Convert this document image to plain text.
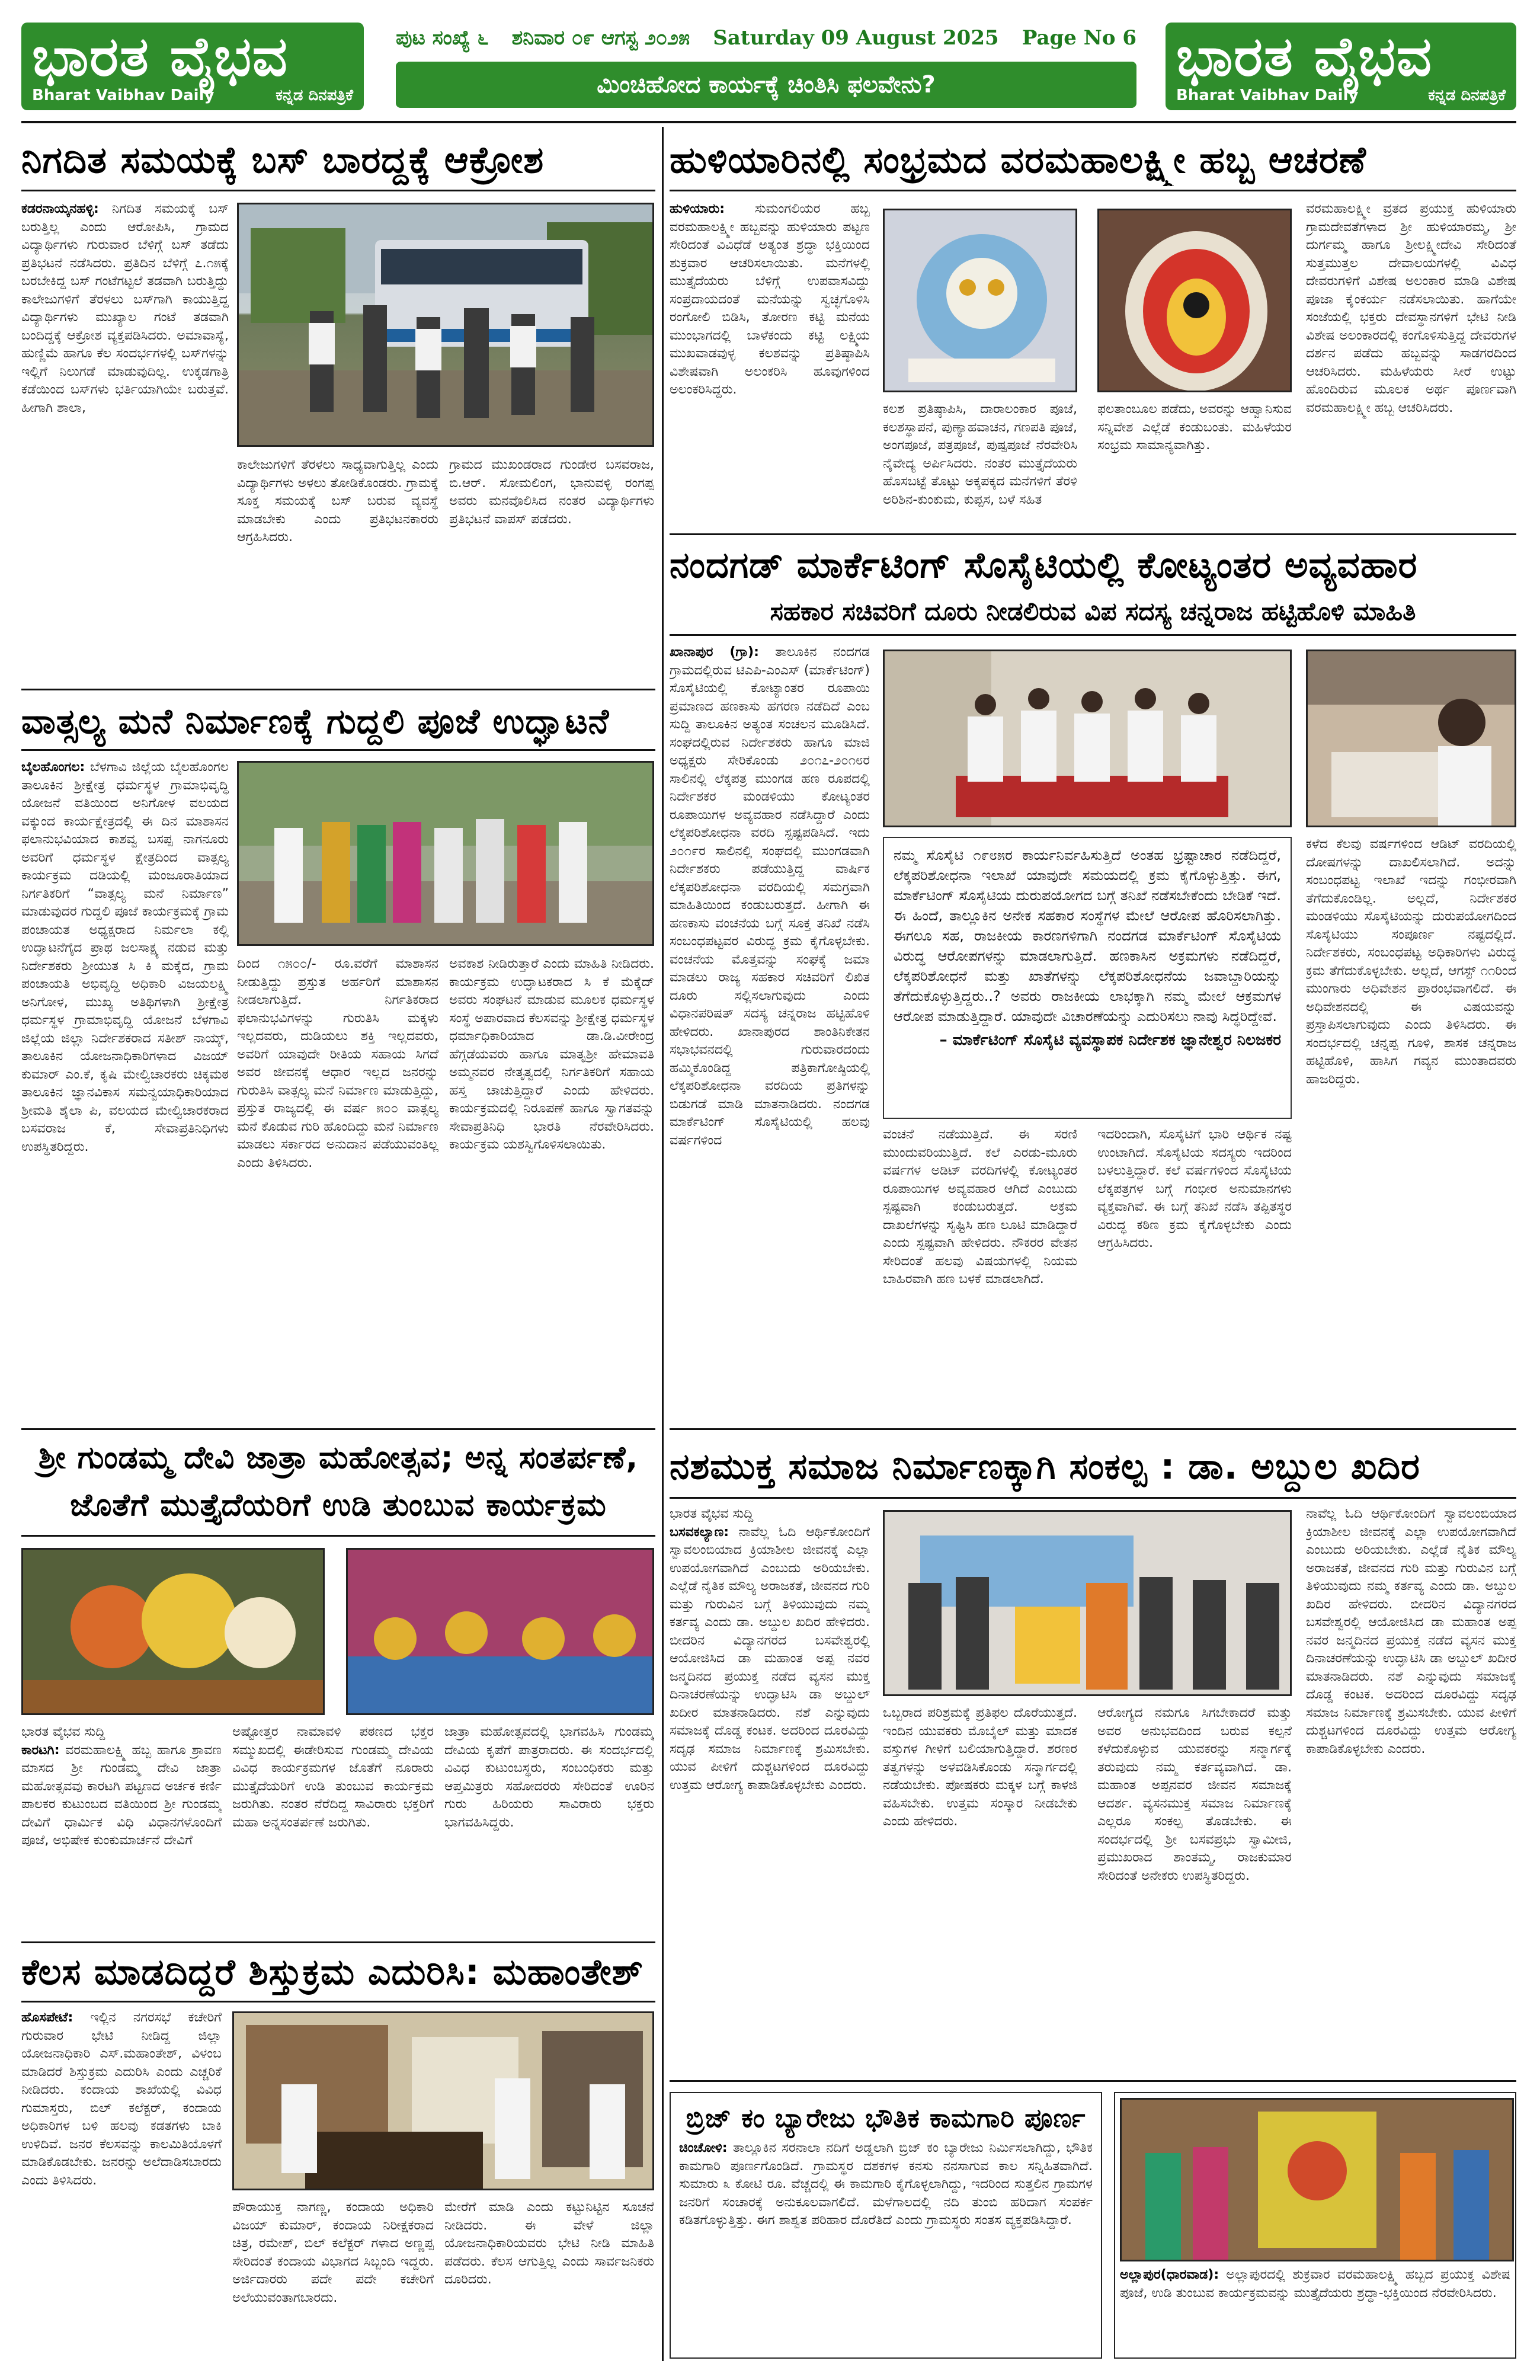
ಭಾರತ ವೈಭವ
Bharat Vaibhav Daily	ಕನ್ನಡ ದಿನಪತ್ರಿಕೆ
ಭಾರತ ವೈಭವ
Bharat Vaibhav Daily	ಕನ್ನಡ ದಿನಪತ್ರಿಕೆ
ಪುಟ ಸಂಖ್ಯೆ ೬ ಶನಿವಾರ ೦೯ ಆಗಸ್ಟ ೨೦೨೫ Saturday 09 August 2025 Page No 6
ಮಿಂಚಿಹೋದ ಕಾರ್ಯಕ್ಕೆ ಚಿಂತಿಸಿ ಫಲವೇನು?
ನಿಗದಿತ ಸಮಯಕ್ಕೆ ಬಸ್ ಬಾರದ್ದಕ್ಕೆ ಆಕ್ರೋಶ
ಕಡರನಾಯ್ಕನಹಳ್ಳಿ: ನಿಗದಿತ ಸಮಯಕ್ಕೆ ಬಸ್ ಬರುತ್ತಿಲ್ಲ ಎಂದು ಆರೋಪಿಸಿ, ಗ್ರಾಮದ ವಿದ್ಯಾರ್ಥಿಗಳು ಗುರುವಾರ ಬೆಳಿಗ್ಗೆ ಬಸ್ ತಡೆದು ಪ್ರತಿಭಟನೆ ನಡೆಸಿದರು. ಪ್ರತಿದಿನ ಬೆಳಿಗ್ಗೆ ೭.೧೫ಕ್ಕೆ ಬರಬೇಕಿದ್ದ ಬಸ್ ಗಂಟೆಗಟ್ಟಲೆ ತಡವಾಗಿ ಬರುತ್ತಿದ್ದು ಕಾಲೇಜುಗಳಿಗೆ ತೆರಳಲು ಬಸ್‌ಗಾಗಿ ಕಾಯುತ್ತಿದ್ದ ವಿದ್ಯಾರ್ಥಿಗಳು ಮುಖ್ಯಾಲ ಗಂಟೆ ತಡವಾಗಿ ಬಂದಿದ್ದಕ್ಕೆ ಆಕ್ರೋಶ ವ್ಯಕ್ತಪಡಿಸಿದರು. ಅಮಾವಾಸ್ಯೆ, ಹುಣ್ಣಿಮೆ ಹಾಗೂ ಕೆಲ ಸಂದರ್ಭಗಳಲ್ಲಿ ಬಸ್‌ಗಳನ್ನು ಇಲ್ಲಿಗೆ ನಿಲುಗಡೆ ಮಾಡುವುದಿಲ್ಲ. ಉಕ್ಕಡಗಾತ್ರಿ ಕಡೆಯಿಂದ ಬಸ್‌ಗಳು ಭರ್ತಿಯಾಗಿಯೇ ಬರುತ್ತವೆ. ಹೀಗಾಗಿ ಶಾಲಾ,
ಕಾಲೇಜುಗಳಿಗೆ ತೆರಳಲು ಸಾಧ್ಯವಾಗುತ್ತಿಲ್ಲ ಎಂದು ವಿದ್ಯಾರ್ಥಿಗಳು ಅಳಲು ತೋಡಿಕೊಂಡರು. ಗ್ರಾಮಕ್ಕೆ ಸೂಕ್ತ ಸಮಯಕ್ಕೆ ಬಸ್ ಬರುವ ವ್ಯವಸ್ಥೆ ಮಾಡಬೇಕು ಎಂದು ಪ್ರತಿಭಟನಕಾರರು ಆಗ್ರಹಿಸಿದರು.
ಗ್ರಾಮದ ಮುಖಂಡರಾದ ಗುಂಡೇರ ಬಸವರಾಜ, ಬಿ.ಆರ್. ಸೋಮಲಿಂಗ, ಭಾನುವಳ್ಳಿ ರಂಗಪ್ಪ ಅವರು ಮನವೊಲಿಸಿದ ನಂತರ ವಿದ್ಯಾರ್ಥಿಗಳು ಪ್ರತಿಭಟನೆ ವಾಪಸ್ ಪಡೆದರು.
ವಾತ್ಸಲ್ಯ ಮನೆ ನಿರ್ಮಾಣಕ್ಕೆ ಗುದ್ದಲಿ ಪೂಜೆ ಉದ್ಘಾಟನೆ
ಬೈಲಹೊಂಗಲ: ಬೆಳಗಾವಿ ಜಿಲ್ಲೆಯ ಬೈಲಹೊಂಗಲ ತಾಲೂಕಿನ ಶ್ರೀಕ್ಷೇತ್ರ ಧರ್ಮಸ್ಥಳ ಗ್ರಾಮಾಭಿವೃದ್ಧಿ ಯೋಜನೆ ವತಿಯಿಂದ ಅನಿಗೋಳ ವಲಯದ ವಕ್ಕುಂದ ಕಾರ್ಯಕ್ಷೇತ್ರದಲ್ಲಿ ಈ ದಿನ ಮಾಶಾಸನ ಫಲಾನುಭವಿಯಾದ ಕಾಶವ್ವ ಬಸಪ್ಪ ನಾಗನೂರು ಅವರಿಗೆ ಧರ್ಮಸ್ಥಳ ಕ್ಷೇತ್ರದಿಂದ ವಾತ್ಸಲ್ಯ ಕಾರ್ಯಕ್ರಮ ದಡಿಯಲ್ಲಿ ಮಂಜೂರಾತಿಯಾದ ನಿರ್ಗತಿಕರಿಗೆ “ವಾತ್ಸಲ್ಯ ಮನೆ ನಿರ್ಮಾಣ” ಮಾಡುವುದರ ಗುದ್ದಲಿ ಪೂಜೆ ಕಾರ್ಯಕ್ರಮಕ್ಕೆ ಗ್ರಾಮ ಪಂಚಾಯತ ಅಧ್ಯಕ್ಷರಾದ ನಿರ್ಮಲಾ ಕಲ್ಲಿ ಉದ್ಘಾಟನೆಗೈದ ಪ್ರಾಥ ಜಲಸಾಕ್ಷ್ಯ ನಡುವ ಮತ್ತು ನಿರ್ದೇಶಕರು ಶ್ರೀಯುತ ಸಿ ಕಿ ಮಕ್ಕೆದ, ಗ್ರಾಮ ಪಂಚಾಯತಿ ಅಭಿವೃದ್ಧಿ ಅಧಿಕಾರಿ ವಿಜಯಲಕ್ಷ್ಮಿ ಅನಿಗೋಳ, ಮುಖ್ಯ ಅತಿಥಿಗಳಾಗಿ ಶ್ರೀಕ್ಷೇತ್ರ ಧರ್ಮಸ್ಥಳ ಗ್ರಾಮಾಭಿವೃದ್ಧಿ ಯೋಜನೆ ಬೆಳಗಾವಿ ಜಿಲ್ಲೆಯ ಜಿಲ್ಲಾ ನಿರ್ದೇಶಕರಾದ ಸತೀಶ್ ನಾಯ್ಕ್, ತಾಲೂಕಿನ ಯೋಜನಾಧಿಕಾರಿಗಳಾದ ವಿಜಯ್ ಕುಮಾರ್ ಎಂ.ಕೆ, ಕೃಷಿ ಮೇಲ್ವಿಚಾರಕರು ಚಿಕ್ಕಮಠ ತಾಲೂಕಿನ ಜ್ಞಾನವಿಕಾಸ ಸಮನ್ವಯಾಧಿಕಾರಿಯಾದ ಶ್ರೀಮತಿ ಶೈಲಾ ಪಿ, ವಲಯದ ಮೇಲ್ವಿಚಾರಕರಾದ ಬಸವರಾಜ ಕೆ, ಸೇವಾಪ್ರತಿನಿಧಿಗಳು ಉಪಸ್ಥಿತರಿದ್ದರು.
ದಿಂದ ೧೫೦೦/- ರೂ.ವರೆಗೆ ಮಾಶಾಸನ ನೀಡುತ್ತಿದ್ದು ಪ್ರಸ್ತುತ ಅರ್ಹರಿಗೆ ಮಾಶಾಸನ ನೀಡಲಾಗುತ್ತಿದೆ. ನಿರ್ಗತಿಕರಾದ ಫಲಾನುಭವಿಗಳನ್ನು ಗುರುತಿಸಿ ಮಕ್ಕಳು ಇಲ್ಲದವರು, ದುಡಿಯಲು ಶಕ್ತಿ ಇಲ್ಲದವರು, ಅವರಿಗೆ ಯಾವುದೇ ರೀತಿಯ ಸಹಾಯ ಸಿಗದೆ ಅವರ ಜೀವನಕ್ಕೆ ಆಧಾರ ಇಲ್ಲದ ಜನರನ್ನು ಗುರುತಿಸಿ ವಾತ್ಸಲ್ಯ ಮನೆ ನಿರ್ಮಾಣ ಮಾಡುತ್ತಿದ್ದು, ಪ್ರಸ್ತುತ ರಾಜ್ಯದಲ್ಲಿ ಈ ವರ್ಷ ೫೦೦ ವಾತ್ಸಲ್ಯ ಮನೆ ಕೊಡುವ ಗುರಿ ಹೊಂದಿದ್ದು ಮನೆ ನಿರ್ಮಾಣ ಮಾಡಲು ಸರ್ಕಾರದ ಅನುದಾನ ಪಡೆಯುವಂತಿಲ್ಲ ಎಂದು ತಿಳಿಸಿದರು.
ಅವಕಾಶ ನೀಡಿರುತ್ತಾರೆ ಎಂದು ಮಾಹಿತಿ ನೀಡಿದರು. ಕಾರ್ಯಕ್ರಮ ಉದ್ಘಾಟಕರಾದ ಸಿ ಕೆ ಮೆಕ್ಕೆದ್ ಅವರು ಸಂಘಟನೆ ಮಾಡುವ ಮೂಲಕ ಧರ್ಮಸ್ಥಳ ಸಂಸ್ಥೆ ಅಪಾರವಾದ ಕೆಲಸವನ್ನು ಶ್ರೀಕ್ಷೇತ್ರ ಧರ್ಮಸ್ಥಳ ಧರ್ಮಾಧಿಕಾರಿಯಾದ ಡಾ.ಡಿ.ವೀರೇಂದ್ರ ಹೆಗ್ಗಡೆಯವರು ಹಾಗೂ ಮಾತೃಶ್ರೀ ಹೇಮಾವತಿ ಅಮ್ಮನವರ ನೇತೃತ್ವದಲ್ಲಿ ನಿರ್ಗತಿಕರಿಗೆ ಸಹಾಯ ಹಸ್ತ ಚಾಚುತ್ತಿದ್ದಾರೆ ಎಂದು ಹೇಳಿದರು. ಕಾರ್ಯಕ್ರಮದಲ್ಲಿ ನಿರೂಪಣೆ ಹಾಗೂ ಸ್ವಾಗತವನ್ನು ಸೇವಾಪ್ರತಿನಿಧಿ ಭಾರತಿ ನೆರವೇರಿಸಿದರು. ಕಾರ್ಯಕ್ರಮ ಯಶಸ್ವಿಗೊಳಿಸಲಾಯಿತು.
ಶ್ರೀ ಗುಂಡಮ್ಮ ದೇವಿ ಜಾತ್ರಾ ಮಹೋತ್ಸವ; ಅನ್ನ ಸಂತರ್ಪಣೆ,
ಜೊತೆಗೆ ಮುತ್ತೈದೆಯರಿಗೆ ಉಡಿ ತುಂಬುವ ಕಾರ್ಯಕ್ರಮ
ಭಾರತ ವೈಭವ ಸುದ್ದಿ
ಕಾರಟಗಿ: ವರಮಹಾಲಕ್ಷ್ಮಿ ಹಬ್ಬ ಹಾಗೂ ಶ್ರಾವಣ ಮಾಸದ ಶ್ರೀ ಗುಂಡಮ್ಮ ದೇವಿ ಜಾತ್ರಾ ಮಹೋತ್ಸವವು ಕಾರಟಗಿ ಪಟ್ಟಣದ ಅರ್ಚಕ ಕರ್ಣಿ ಪಾಲಕರ ಕುಟುಂಬದ ವತಿಯಿಂದ ಶ್ರೀ ಗುಂಡಮ್ಮ ದೇವಿಗೆ ಧಾರ್ಮಿಕ ವಿಧಿ ವಿಧಾನಗಳೊಂದಿಗೆ ಪೂಜೆ, ಅಭಿಷೇಕ ಕುಂಕುಮಾರ್ಚನೆ ದೇವಿಗೆ
ಅಷ್ಟೋತ್ತರ ನಾಮಾವಳಿ ಪಠಣದ ಭಕ್ತರ ಸಮ್ಮುಖದಲ್ಲಿ ಈಡೇರಿಸುವ ಗುಂಡಮ್ಮ ದೇವಿಯ ವಿವಿಧ ಕಾರ್ಯಕ್ರಮಗಳ ಜೊತೆಗೆ ನೂರಾರು ಮುತ್ತೈದೆಯರಿಗೆ ಉಡಿ ತುಂಬುವ ಕಾರ್ಯಕ್ರಮ ಜರುಗಿತು. ನಂತರ ನೆರೆದಿದ್ದ ಸಾವಿರಾರು ಭಕ್ತರಿಗೆ ಮಹಾ ಅನ್ನಸಂತರ್ಪಣೆ ಜರುಗಿತು.
ಜಾತ್ರಾ ಮಹೋತ್ಸವದಲ್ಲಿ ಭಾಗವಹಿಸಿ ಗುಂಡಮ್ಮ ದೇವಿಯ ಕೃಪೆಗೆ ಪಾತ್ರರಾದರು. ಈ ಸಂದರ್ಭದಲ್ಲಿ ವಿವಿಧ ಕುಟುಂಬಸ್ಥರು, ಸಂಬಂಧಿಕರು ಮತ್ತು ಆಪ್ತಮಿತ್ರರು ಸಹೋದರರು ಸೇರಿದಂತೆ ಊರಿನ ಗುರು ಹಿರಿಯರು ಸಾವಿರಾರು ಭಕ್ತರು ಭಾಗವಹಿಸಿದ್ದರು.
ಕೆಲಸ ಮಾಡದಿದ್ದರೆ ಶಿಸ್ತುಕ್ರಮ ಎದುರಿಸಿ: ಮಹಾಂತೇಶ್
ಹೊಸಪೇಟೆ: ಇಲ್ಲಿನ ನಗರಸಭೆ ಕಚೇರಿಗೆ ಗುರುವಾರ ಭೇಟಿ ನೀಡಿದ್ದ ಜಿಲ್ಲಾ ಯೋಜನಾಧಿಕಾರಿ ಎಸ್.ಮಹಾಂತೇಶ್, ವಿಳಂಬ ಮಾಡಿದರೆ ಶಿಸ್ತುಕ್ರಮ ಎದುರಿಸಿ ಎಂದು ಎಚ್ಚರಿಕೆ ನೀಡಿದರು. ಕಂದಾಯ ಶಾಖೆಯಲ್ಲಿ ವಿವಿಧ ಗುಮಾಸ್ತರು, ಬಿಲ್ ಕಲೆಕ್ಟರ್, ಕಂದಾಯ ಅಧಿಕಾರಿಗಳ ಬಳಿ ಹಲವು ಕಡತಗಳು ಬಾಕಿ ಉಳಿದಿವೆ. ಜನರ ಕೆಲಸವನ್ನು ಕಾಲಮಿತಿಯೊಳಗೆ ಮಾಡಿಕೊಡಬೇಕು. ಜನರನ್ನು ಅಲೆದಾಡಿಸಬಾರದು ಎಂದು ತಿಳಿಸಿದರು.
ಪೌರಾಯುಕ್ತ ನಾಗಣ್ಣ, ಕಂದಾಯ ಅಧಿಕಾರಿ ವಿಜಯ್ ಕುಮಾರ್, ಕಂದಾಯ ನಿರೀಕ್ಷಕರಾದ ಚಿತ್ರ, ರಮೇಶ್, ಬಿಲ್ ಕಲೆಕ್ಟರ್ ಗಳಾದ ಅಣ್ಣಪ್ಪ ಸೇರಿದಂತೆ ಕಂದಾಯ ವಿಭಾಗದ ಸಿಬ್ಬಂದಿ ಇದ್ದರು. ಅರ್ಜಿದಾರರು ಪದೇ ಪದೇ ಕಚೇರಿಗೆ ಅಲೆಯುವಂತಾಗಬಾರದು.
ಮೇರೆಗೆ ಮಾಡಿ ಎಂದು ಕಟ್ಟುನಿಟ್ಟಿನ ಸೂಚನೆ ನೀಡಿದರು. ಈ ವೇಳೆ ಜಿಲ್ಲಾ ಯೋಜನಾಧಿಕಾರಿಯವರು ಭೇಟಿ ನೀಡಿ ಮಾಹಿತಿ ಪಡೆದರು. ಕೆಲಸ ಆಗುತ್ತಿಲ್ಲ ಎಂದು ಸಾರ್ವಜನಿಕರು ದೂರಿದರು.
ಹುಳಿಯಾರಿನಲ್ಲಿ ಸಂಭ್ರಮದ ವರಮಹಾಲಕ್ಷ್ಮೀ ಹಬ್ಬ ಆಚರಣೆ
ಹುಳಿಯಾರು: ಸುಮಂಗಲಿಯರ ಹಬ್ಬ ವರಮಹಾಲಕ್ಷ್ಮೀ ಹಬ್ಬವನ್ನು ಹುಳಿಯಾರು ಪಟ್ಟಣ ಸೇರಿದಂತೆ ವಿವಿಧೆಡೆ ಅತ್ಯಂತ ಶ್ರದ್ಧಾ ಭಕ್ತಿಯಿಂದ ಶುಕ್ರವಾರ ಆಚರಿಸಲಾಯಿತು. ಮನೆಗಳಲ್ಲಿ ಮುತ್ತೈದೆಯರು ಬೆಳಿಗ್ಗೆ ಉಪವಾಸವಿದ್ದು ಸಂಪ್ರದಾಯದಂತೆ ಮನೆಯನ್ನು ಸ್ವಚ್ಛಗೊಳಿಸಿ ರಂಗೋಲಿ ಬಿಡಿಸಿ, ತೋರಣ ಕಟ್ಟಿ ಮನೆಯ ಮುಂಭಾಗದಲ್ಲಿ ಬಾಳೆಕಂದು ಕಟ್ಟಿ ಲಕ್ಷ್ಮಿಯ ಮುಖವಾಡವುಳ್ಳ ಕಲಶವನ್ನು ಪ್ರತಿಷ್ಠಾಪಿಸಿ ವಿಶೇಷವಾಗಿ ಅಲಂಕರಿಸಿ ಹೂವುಗಳಿಂದ ಅಲಂಕರಿಸಿದ್ದರು.
ಕಲಶ ಪ್ರತಿಷ್ಠಾಪಿಸಿ, ದಾರಾಲಂಕಾರ ಪೂಜೆ, ಕಲಶಸ್ಥಾಪನೆ, ಪುಣ್ಯಾಹವಾಚನ, ಗಣಪತಿ ಪೂಜೆ, ಅಂಗಪೂಜೆ, ಪತ್ರಪೂಜೆ, ಪುಷ್ಪಪೂಜೆ ನೆರವೇರಿಸಿ ನೈವೇದ್ಯ ಅರ್ಪಿಸಿದರು. ನಂತರ ಮುತ್ತೈದೆಯರು ಹೊಸಬಟ್ಟೆ ತೊಟ್ಟು ಅಕ್ಕಪಕ್ಕದ ಮನೆಗಳಿಗೆ ತೆರಳಿ ಅರಿಶಿನ-ಕುಂಕುಮ, ಕುಪ್ಪಸ, ಬಳೆ ಸಹಿತ
ಫಲತಾಂಬೂಲ ಪಡೆದು, ಅವರನ್ನು ಆಹ್ವಾನಿಸುವ ಸನ್ನಿವೇಶ ಎಲ್ಲೆಡೆ ಕಂಡುಬಂತು. ಮಹಿಳೆಯರ ಸಂಭ್ರಮ ಸಾಮಾನ್ಯವಾಗಿತ್ತು.
ವರಮಹಾಲಕ್ಷ್ಮೀ ವ್ರತದ ಪ್ರಯುಕ್ತ ಹುಳಿಯಾರು ಗ್ರಾಮದೇವತೆಗಳಾದ ಶ್ರೀ ಹುಳಿಯಾರಮ್ಮ, ಶ್ರೀ ದುರ್ಗಮ್ಮ ಹಾಗೂ ಶ್ರೀಲಕ್ಷ್ಮೀದೇವಿ ಸೇರಿದಂತೆ ಸುತ್ತಮುತ್ತಲ ದೇವಾಲಯಗಳಲ್ಲಿ ವಿವಿಧ ದೇವರುಗಳಿಗೆ ವಿಶೇಷ ಅಲಂಕಾರ ಮಾಡಿ ವಿಶೇಷ ಪೂಜಾ ಕೈಂಕರ್ಯ ನಡೆಸಲಾಯಿತು. ಹಾಗೆಯೇ ಸಂಜೆಯಲ್ಲಿ ಭಕ್ತರು ದೇವಸ್ಥಾನಗಳಿಗೆ ಭೇಟಿ ನೀಡಿ ವಿಶೇಷ ಅಲಂಕಾರದಲ್ಲಿ ಕಂಗೊಳಿಸುತ್ತಿದ್ದ ದೇವರುಗಳ ದರ್ಶನ ಪಡೆದು ಹಬ್ಬವನ್ನು ಸಾಡಗರದಿಂದ ಆಚರಿಸಿದರು. ಮಹಿಳೆಯರು ಸೀರೆ ಉಟ್ಟು ಹೊಂದಿರುವ ಮೂಲಕ ಅರ್ಥ ಪೂರ್ಣವಾಗಿ ವರಮಹಾಲಕ್ಷ್ಮೀ ಹಬ್ಬ ಆಚರಿಸಿದರು.
ನಂದಗಡ್ ಮಾರ್ಕೆಟಿಂಗ್ ಸೊಸೈಟಿಯಲ್ಲಿ ಕೋಟ್ಯಂತರ ಅವ್ಯವಹಾರ
ಸಹಕಾರ ಸಚಿವರಿಗೆ ದೂರು ನೀಡಲಿರುವ ವಿಪ ಸದಸ್ಯ ಚನ್ನರಾಜ ಹಟ್ಟಿಹೊಳಿ ಮಾಹಿತಿ
ಖಾನಾಪುರ (ಗ್ರಾ): ತಾಲೂಕಿನ ನಂದಗಡ ಗ್ರಾಮದಲ್ಲಿರುವ ಟಿಎಪಿ-ಎಂಎಸ್ (ಮಾರ್ಕೆಟಿಂಗ್) ಸೊಸೈಟಿಯಲ್ಲಿ ಕೋಟ್ಯಾಂತರ ರೂಪಾಯಿ ಪ್ರಮಾಣದ ಹಣಕಾಸು ಹಗರಣ ನಡೆದಿದೆ ಎಂಬ ಸುದ್ದಿ ತಾಲೂಕಿನ ಅತ್ಯಂತ ಸಂಚಲನ ಮೂಡಿಸಿದೆ. ಸಂಘದಲ್ಲಿರುವ ನಿರ್ದೇಶಕರು ಹಾಗೂ ಮಾಜಿ ಅಧ್ಯಕ್ಷರು ಸೇರಿಕೊಂಡು ೨೦೧೭-೨೦೧೮ರ ಸಾಲಿನಲ್ಲಿ ಲೆಕ್ಕಪತ್ರ ಮುಂಗಡ ಹಣ ರೂಪದಲ್ಲಿ ನಿರ್ದೇಶಕರ ಮಂಡಳಿಯು ಕೋಟ್ಯಂತರ ರೂಪಾಯಿಗಳ ಅವ್ಯವಹಾರ ನಡೆಸಿದ್ದಾರೆ ಎಂದು ಲೆಕ್ಕಪರಿಶೋಧನಾ ವರದಿ ಸ್ಪಷ್ಟಪಡಿಸಿದೆ. ಇದು ೨೦೧೯ರ ಸಾಲಿನಲ್ಲಿ ಸಂಘದಲ್ಲಿ ಮುಂಗಡವಾಗಿ ನಿರ್ದೇಶಕರು ಪಡೆಯುತ್ತಿದ್ದ ವಾರ್ಷಿಕ ಲೆಕ್ಕಪರಿಶೋಧನಾ ವರದಿಯಲ್ಲಿ ಸಮಗ್ರವಾಗಿ ಮಾಹಿತಿಯಿಂದ ಕಂಡುಬರುತ್ತದೆ. ಹೀಗಾಗಿ ಈ ಹಣಕಾಸು ವಂಚನೆಯ ಬಗ್ಗೆ ಸೂಕ್ತ ತನಿಖೆ ನಡೆಸಿ ಸಂಬಂಧಪಟ್ಟವರ ವಿರುದ್ಧ ಕ್ರಮ ಕೈಗೊಳ್ಳಬೇಕು. ವಂಚನೆಯ ಮೊತ್ತವನ್ನು ಸಂಘಕ್ಕೆ ಜಮಾ ಮಾಡಲು ರಾಜ್ಯ ಸಹಕಾರ ಸಚಿವರಿಗೆ ಲಿಖಿತ ದೂರು ಸಲ್ಲಿಸಲಾಗುವುದು ಎಂದು ವಿಧಾನಪರಿಷತ್ ಸದಸ್ಯ ಚನ್ನರಾಜ ಹಟ್ಟಿಹೊಳಿ ಹೇಳಿದರು. ಖಾನಾಪುರದ ಶಾಂತಿನಿಕೇತನ ಸಭಾಭವನದಲ್ಲಿ ಗುರುವಾರದಂದು ಹಮ್ಮಿಕೊಂಡಿದ್ದ ಪತ್ರಿಕಾಗೋಷ್ಠಿಯಲ್ಲಿ ಲೆಕ್ಕಪರಿಶೋಧನಾ ವರದಿಯ ಪ್ರತಿಗಳನ್ನು ಬಿಡುಗಡೆ ಮಾಡಿ ಮಾತನಾಡಿದರು. ನಂದಗಡ ಮಾರ್ಕೆಟಿಂಗ್ ಸೊಸೈಟಿಯಲ್ಲಿ ಹಲವು ವರ್ಷಗಳಿಂದ
ನಮ್ಮ ಸೊಸೈಟಿ ೧೯೮೫ರ ಕಾರ್ಯನಿರ್ವಹಿಸುತ್ತಿದೆ ಅಂತಹ ಭ್ರಷ್ಟಾಚಾರ ನಡೆದಿದ್ದರೆ, ಲೆಕ್ಕಪರಿಶೋಧನಾ ಇಲಾಖೆ ಯಾವುದೇ ಸಮಯದಲ್ಲಿ ಕ್ರಮ ಕೈಗೊಳ್ಳುತ್ತಿತ್ತು. ಈಗ, ಮಾರ್ಕೆಟಿಂಗ್ ಸೊಸೈಟಿಯ ದುರುಪಯೋಗದ ಬಗ್ಗೆ ತನಿಖೆ ನಡೆಸಬೇಕೆಂದು ಬೇಡಿಕೆ ಇದೆ. ಈ ಹಿಂದೆ, ತಾಲ್ಲೂಕಿನ ಅನೇಕ ಸಹಕಾರ ಸಂಸ್ಥೆಗಳ ಮೇಲೆ ಆರೋಪ ಹೊರಿಸಲಾಗಿತ್ತು. ಈಗಲೂ ಸಹ, ರಾಜಕೀಯ ಕಾರಣಗಳಿಗಾಗಿ ನಂದಗಡ ಮಾರ್ಕೆಟಿಂಗ್ ಸೊಸೈಟಿಯ ವಿರುದ್ಧ ಆರೋಪಗಳನ್ನು ಮಾಡಲಾಗುತ್ತಿದೆ. ಹಣಕಾಸಿನ ಅಕ್ರಮಗಳು ನಡೆದಿದ್ದರೆ, ಲೆಕ್ಕಪರಿಶೋಧನೆ ಮತ್ತು ಖಾತೆಗಳನ್ನು ಲೆಕ್ಕಪರಿಶೋಧನೆಯ ಜವಾಬ್ದಾರಿಯನ್ನು ತೆಗೆದುಕೊಳ್ಳುತ್ತಿದ್ದರು..? ಅವರು ರಾಜಕೀಯ ಲಾಭಕ್ಕಾಗಿ ನಮ್ಮ ಮೇಲೆ ಆಕ್ರಮಗಳ ಆರೋಪ ಮಾಡುತ್ತಿದ್ದಾರೆ. ಯಾವುದೇ ವಿಚಾರಣೆಯನ್ನು ಎದುರಿಸಲು ನಾವು ಸಿದ್ಧರಿದ್ದೇವೆ.
– ಮಾರ್ಕೆಟಿಂಗ್ ಸೊಸೈಟಿ ವ್ಯವಸ್ಥಾಪಕ ನಿರ್ದೇಶಕ ಜ್ಞಾನೇಶ್ವರ ನಿಲಜಕರ
ವಂಚನೆ ನಡೆಯುತ್ತಿದೆ. ಈ ಸರಣಿ ಮುಂದುವರಿಯುತ್ತಿದೆ. ಕಲೆ ಎರಡು-ಮೂರು ವರ್ಷಗಳ ಅಡಿಟ್ ವರದಿಗಳಲ್ಲಿ ಕೋಟ್ಯಂತರ ರೂಪಾಯಿಗಳ ಅವ್ಯವಹಾರ ಆಗಿದೆ ಎಂಬುದು ಸ್ಪಷ್ಟವಾಗಿ ಕಂಡುಬರುತ್ತದೆ. ಅಕ್ರಮ ದಾಖಲೆಗಳನ್ನು ಸೃಷ್ಟಿಸಿ ಹಣ ಲೂಟಿ ಮಾಡಿದ್ದಾರೆ ಎಂದು ಸ್ಪಷ್ಟವಾಗಿ ಹೇಳಿದರು. ನೌಕರರ ವೇತನ ಸೇರಿದಂತೆ ಹಲವು ವಿಷಯಗಳಲ್ಲಿ ನಿಯಮ ಬಾಹಿರವಾಗಿ ಹಣ ಬಳಕೆ ಮಾಡಲಾಗಿದೆ.
ಇದರಿಂದಾಗಿ, ಸೊಸೈಟಿಗೆ ಭಾರಿ ಆರ್ಥಿಕ ನಷ್ಟ ಉಂಟಾಗಿದೆ. ಸೊಸೈಟಿಯ ಸದಸ್ಯರು ಇದರಿಂದ ಬಳಲುತ್ತಿದ್ದಾರೆ. ಕಲೆ ವರ್ಷಗಳಿಂದ ಸೊಸೈಟಿಯ ಲೆಕ್ಕಪತ್ರಗಳ ಬಗ್ಗೆ ಗಂಭೀರ ಅನುಮಾನಗಳು ವ್ಯಕ್ತವಾಗಿವೆ. ಈ ಬಗ್ಗೆ ತನಿಖೆ ನಡೆಸಿ ತಪ್ಪಿತಸ್ಥರ ವಿರುದ್ಧ ಕಠಿಣ ಕ್ರಮ ಕೈಗೊಳ್ಳಬೇಕು ಎಂದು ಆಗ್ರಹಿಸಿದರು.
ಕಳೆದ ಕೆಲವು ವರ್ಷಗಳಿಂದ ಆಡಿಟ್ ವರದಿಯಲ್ಲಿ ದೋಷಗಳನ್ನು ದಾಖಲಿಸಲಾಗಿದೆ. ಅದನ್ನು ಸಂಬಂಧಪಟ್ಟ ಇಲಾಖೆ ಇದನ್ನು ಗಂಭೀರವಾಗಿ ತೆಗೆದುಕೊಂಡಿಲ್ಲ. ಅಲ್ಲದೆ, ನಿರ್ದೇಶಕರ ಮಂಡಳಿಯು ಸೊಸೈಟಿಯನ್ನು ದುರುಪಯೋಗದಿಂದ ಸೊಸೈಟಿಯು ಸಂಪೂರ್ಣ ನಷ್ಟದಲ್ಲಿದೆ. ನಿರ್ದೇಶಕರು, ಸಂಬಂಧಪಟ್ಟ ಅಧಿಕಾರಿಗಳು ವಿರುದ್ಧ ಕ್ರಮ ತೆಗೆದುಕೊಳ್ಳಬೇಕು. ಅಲ್ಲದೆ, ಆಗಸ್ಟ್ ೧೧ರಿಂದ ಮುಂಗಾರು ಅಧಿವೇಶನ ಪ್ರಾರಂಭವಾಗಲಿದೆ. ಈ ಅಧಿವೇಶನದಲ್ಲಿ ಈ ವಿಷಯವನ್ನು ಪ್ರಸ್ತಾಪಿಸಲಾಗುವುದು ಎಂದು ತಿಳಿಸಿದರು. ಈ ಸಂದರ್ಭದಲ್ಲಿ ಚನ್ನಪ್ಪ ಗೂಳಿ, ಶಾಸಕ ಚನ್ನರಾಜ ಹಟ್ಟಿಹೊಳಿ, ಹಾಸಿಗ ಗವ್ಯನ ಮುಂತಾದವರು ಹಾಜರಿದ್ದರು.
ನಶಮುಕ್ತ ಸಮಾಜ ನಿರ್ಮಾಣಕ್ಕಾಗಿ ಸಂಕಲ್ಪ : ಡಾ. ಅಬ್ದುಲ ಖದಿರ
ಭಾರತ ವೈಭವ ಸುದ್ದಿ
ಬಸವಕಲ್ಯಾಣ: ನಾವೆಲ್ಲ ಓದಿ ಆರ್ಥಿಕೋಂದಿಗೆ ಸ್ವಾವಲಂಬಿಯಾದ ಕ್ರಿಯಾಶೀಲ ಜೀವನಕ್ಕೆ ಎಲ್ಲಾ ಉಪಯೋಗವಾಗಿದೆ ಎಂಬುದು ಅರಿಯಬೇಕು. ಎಲ್ಲೆಡೆ ನೈತಿಕ ಮೌಲ್ಯ ಅರಾಜಕತೆ, ಜೀವನದ ಗುರಿ ಮತ್ತು ಗುರುವಿನ ಬಗ್ಗೆ ತಿಳಿಯುವುದು ನಮ್ಮ ಕರ್ತವ್ಯ ಎಂದು ಡಾ. ಅಬ್ದುಲ ಖದಿರ ಹೇಳಿದರು. ಬೀದರಿನ ವಿದ್ಯಾನಗರದ ಬಸವೇಶ್ವರಲ್ಲಿ ಆಯೋಜಿಸಿದ ಡಾ ಮಹಾಂತ ಅಪ್ಪ ನವರ ಜನ್ಮದಿನದ ಪ್ರಯುಕ್ತ ನಡೆದ ವ್ಯಸನ ಮುಕ್ತ ದಿನಾಚರಣೆಯನ್ನು ಉದ್ಘಾಟಿಸಿ ಡಾ ಅಬ್ದುಲ್ ಖದೀರ ಮಾತನಾಡಿದರು. ನಶೆ ಎನ್ನುವುದು ಸಮಾಜಕ್ಕೆ ದೊಡ್ಡ ಕಂಟಕ. ಅದರಿಂದ ದೂರವಿದ್ದು ಸದೃಢ ಸಮಾಜ ನಿರ್ಮಾಣಕ್ಕೆ ಶ್ರಮಿಸಬೇಕು. ಯುವ ಪೀಳಿಗೆ ದುಶ್ಚಟಗಳಿಂದ ದೂರವಿದ್ದು ಉತ್ತಮ ಆರೋಗ್ಯ ಕಾಪಾಡಿಕೊಳ್ಳಬೇಕು ಎಂದರು.
ಒಬ್ಬರಾದ ಪರಿಶ್ರಮಕ್ಕೆ ಪ್ರತಿಫಲ ದೊರೆಯುತ್ತದೆ. ಇಂದಿನ ಯುವಕರು ಮೊಬೈಲ್ ಮತ್ತು ಮಾದಕ ವಸ್ತುಗಳ ಗೀಳಿಗೆ ಬಲಿಯಾಗುತ್ತಿದ್ದಾರೆ. ಶರಣರ ತತ್ವಗಳನ್ನು ಅಳವಡಿಸಿಕೊಂಡು ಸನ್ಮಾರ್ಗದಲ್ಲಿ ನಡೆಯಬೇಕು. ಪೋಷಕರು ಮಕ್ಕಳ ಬಗ್ಗೆ ಕಾಳಜಿ ವಹಿಸಬೇಕು. ಉತ್ತಮ ಸಂಸ್ಕಾರ ನೀಡಬೇಕು ಎಂದು ಹೇಳಿದರು.
ಆರೋಗ್ಯದ ನಮಗೂ ಸಿಗಬೇಕಾದರೆ ಮತ್ತು ಅವರ ಅನುಭವದಿಂದ ಬರುವ ಕಲ್ಪನೆ ಕಳೆದುಕೊಳ್ಳುವ ಯುವಕರನ್ನು ಸನ್ಮಾರ್ಗಕ್ಕೆ ತರುವುದು ನಮ್ಮ ಕರ್ತವ್ಯವಾಗಿದೆ. ಡಾ. ಮಹಾಂತ ಅಪ್ಪನವರ ಜೀವನ ಸಮಾಜಕ್ಕೆ ಆದರ್ಶ. ವ್ಯಸನಮುಕ್ತ ಸಮಾಜ ನಿರ್ಮಾಣಕ್ಕೆ ಎಲ್ಲರೂ ಸಂಕಲ್ಪ ತೊಡಬೇಕು. ಈ ಸಂದರ್ಭದಲ್ಲಿ ಶ್ರೀ ಬಸವಪ್ರಭು ಸ್ವಾಮೀಜಿ, ಪ್ರಮುಖರಾದ ಶಾಂತಮ್ಮ, ರಾಜಕುಮಾರ ಸೇರಿದಂತೆ ಅನೇಕರು ಉಪಸ್ಥಿತರಿದ್ದರು.
ನಾವೆಲ್ಲ ಓದಿ ಆರ್ಥಿಕೋಂದಿಗೆ ಸ್ವಾವಲಂಬಿಯಾದ ಕ್ರಿಯಾಶೀಲ ಜೀವನಕ್ಕೆ ಎಲ್ಲಾ ಉಪಯೋಗವಾಗಿದೆ ಎಂಬುದು ಅರಿಯಬೇಕು. ಎಲ್ಲೆಡೆ ನೈತಿಕ ಮೌಲ್ಯ ಅರಾಜಕತೆ, ಜೀವನದ ಗುರಿ ಮತ್ತು ಗುರುವಿನ ಬಗ್ಗೆ ತಿಳಿಯುವುದು ನಮ್ಮ ಕರ್ತವ್ಯ ಎಂದು ಡಾ. ಅಬ್ದುಲ ಖದಿರ ಹೇಳಿದರು. ಬೀದರಿನ ವಿದ್ಯಾನಗರದ ಬಸವೇಶ್ವರಲ್ಲಿ ಆಯೋಜಿಸಿದ ಡಾ ಮಹಾಂತ ಅಪ್ಪ ನವರ ಜನ್ಮದಿನದ ಪ್ರಯುಕ್ತ ನಡೆದ ವ್ಯಸನ ಮುಕ್ತ ದಿನಾಚರಣೆಯನ್ನು ಉದ್ಘಾಟಿಸಿ ಡಾ ಅಬ್ದುಲ್ ಖದೀರ ಮಾತನಾಡಿದರು. ನಶೆ ಎನ್ನುವುದು ಸಮಾಜಕ್ಕೆ ದೊಡ್ಡ ಕಂಟಕ. ಅದರಿಂದ ದೂರವಿದ್ದು ಸದೃಢ ಸಮಾಜ ನಿರ್ಮಾಣಕ್ಕೆ ಶ್ರಮಿಸಬೇಕು. ಯುವ ಪೀಳಿಗೆ ದುಶ್ಚಟಗಳಿಂದ ದೂರವಿದ್ದು ಉತ್ತಮ ಆರೋಗ್ಯ ಕಾಪಾಡಿಕೊಳ್ಳಬೇಕು ಎಂದರು.
ಬ್ರಿಜ್ ಕಂ ಬ್ಯಾರೇಜು ಭೌತಿಕ ಕಾಮಗಾರಿ ಪೂರ್ಣ
ಚಿಂಚೋಳಿ: ತಾಲ್ಲೂಕಿನ ಸರನಾಲಾ ನದಿಗೆ ಅಡ್ಡಲಾಗಿ ಬ್ರಿಜ್ ಕಂ ಬ್ಯಾರೇಜು ನಿರ್ಮಿಸಲಾಗಿದ್ದು, ಭೌತಿಕ ಕಾಮಗಾರಿ ಪೂರ್ಣಗೊಂಡಿದೆ. ಗ್ರಾಮಸ್ಥರ ದಶಕಗಳ ಕನಸು ನನಸಾಗುವ ಕಾಲ ಸನ್ನಿಹಿತವಾಗಿದೆ. ಸುಮಾರು ೩ ಕೋಟಿ ರೂ. ವೆಚ್ಚದಲ್ಲಿ ಈ ಕಾಮಗಾರಿ ಕೈಗೊಳ್ಳಲಾಗಿದ್ದು, ಇದರಿಂದ ಸುತ್ತಲಿನ ಗ್ರಾಮಗಳ ಜನರಿಗೆ ಸಂಚಾರಕ್ಕೆ ಅನುಕೂಲವಾಗಲಿದೆ. ಮಳೆಗಾಲದಲ್ಲಿ ನದಿ ತುಂಬಿ ಹರಿದಾಗ ಸಂಪರ್ಕ ಕಡಿತಗೊಳ್ಳುತ್ತಿತ್ತು. ಈಗ ಶಾಶ್ವತ ಪರಿಹಾರ ದೊರೆತಿದೆ ಎಂದು ಗ್ರಾಮಸ್ಥರು ಸಂತಸ ವ್ಯಕ್ತಪಡಿಸಿದ್ದಾರೆ.
ಅಲ್ಲಾಪುರ(ಧಾರವಾಡ): ಅಲ್ಲಾಪುರದಲ್ಲಿ ಶುಕ್ರವಾರ ವರಮಹಾಲಕ್ಷ್ಮಿ ಹಬ್ಬದ ಪ್ರಯುಕ್ತ ವಿಶೇಷ ಪೂಜೆ, ಉಡಿ ತುಂಬುವ ಕಾರ್ಯಕ್ರಮವನ್ನು ಮುತ್ತೈದೆಯರು ಶ್ರದ್ಧಾ-ಭಕ್ತಿಯಿಂದ ನೆರವೇರಿಸಿದರು.
